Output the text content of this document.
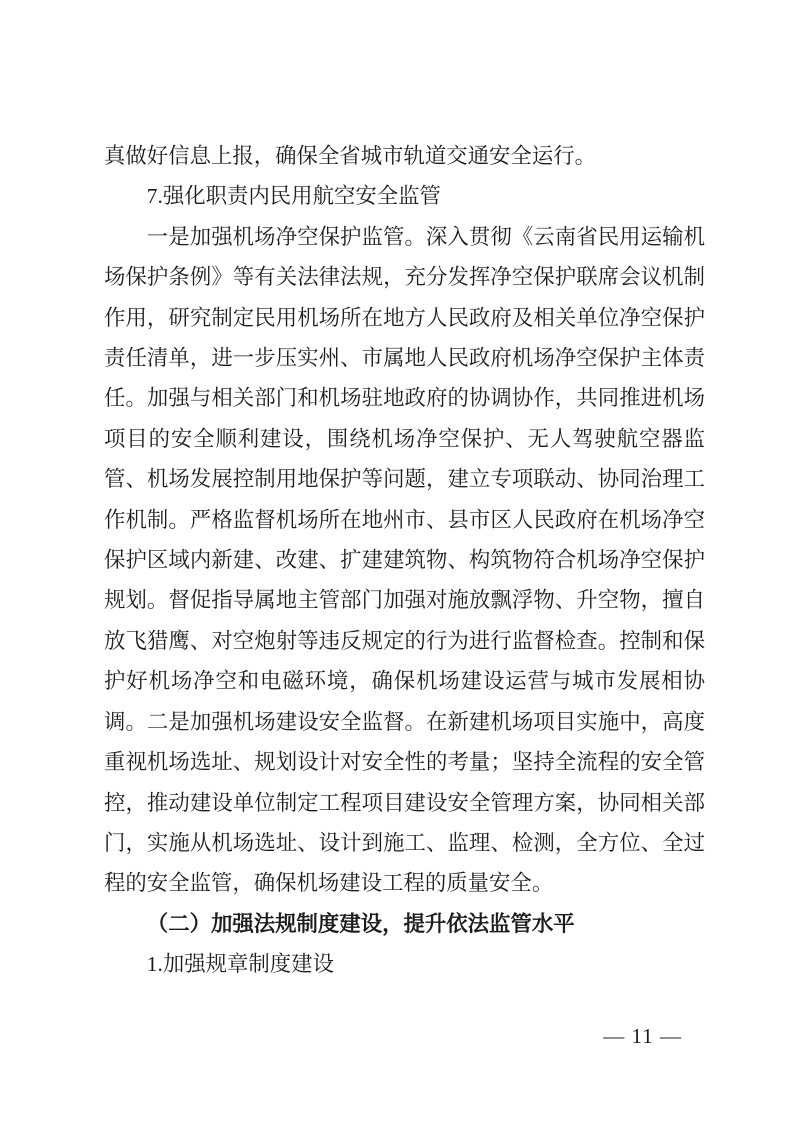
真做好信息上报，确保全省城市轨道交通安全运行。

7.强化职责内民用航空安全监管

一是加强机场净空保护监管。深入贯彻《云南省民用运输机场保护条例》等有关法律法规，充分发挥净空保护联席会议机制作用，研究制定民用机场所在地方人民政府及相关单位净空保护责任清单，进一步压实州、市属地人民政府机场净空保护主体责任。加强与相关部门和机场驻地政府的协调协作，共同推进机场项目的安全顺利建设，围绕机场净空保护、无人驾驶航空器监管、机场发展控制用地保护等问题，建立专项联动、协同治理工作机制。严格监督机场所在地州市、县市区人民政府在机场净空保护区域内新建、改建、扩建建筑物、构筑物符合机场净空保护规划。督促指导属地主管部门加强对施放飘浮物、升空物，擅自放飞猎鹰、对空炮射等违反规定的行为进行监督检查。控制和保护好机场净空和电磁环境，确保机场建设运营与城市发展相协调。二是加强机场建设安全监督。在新建机场项目实施中，高度重视机场选址、规划设计对安全性的考量；坚持全流程的安全管控，推动建设单位制定工程项目建设安全管理方案，协同相关部门，实施从机场选址、设计到施工、监理、检测，全方位、全过程的安全监管，确保机场建设工程的质量安全。

（二）加强法规制度建设，提升依法监管水平

1.加强规章制度建设

— 11 —
